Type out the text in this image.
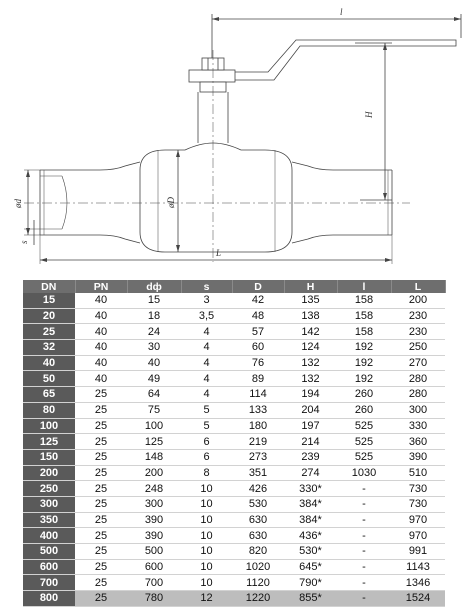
l
H
ød	øD
s
L
DN	PN	dф	s	D	H	l	L
15	40	15	3	42	135	158	200
20	40	18	3,5	48	138	158	230
25	40	24	4	57	142	158	230
32	40	30	4	60	124	192	250
40	40	40	4	76	132	192	270
50	40	49	4	89	132	192	280
65	25	64	4	114	194	260	280
80	25	75	5	133	204	260	300
100	25	100	5	180	197	525	330
125	25	125	6	219	214	525	360
150	25	148	6	273	239	525	390
200	25	200	8	351	274	1030	510
250	25	248	10	426	330*	-	730
300	25	300	10	530	384*	-	730
350	25	390	10	630	384*	-	970
400	25	390	10	630	436*	-	970
500	25	500	10	820	530*	-	991
600	25	600	10	1020	645*	-	1143
700	25	700	10	1120	790*	-	1346
800	25	780	12	1220	855*	-	1524
